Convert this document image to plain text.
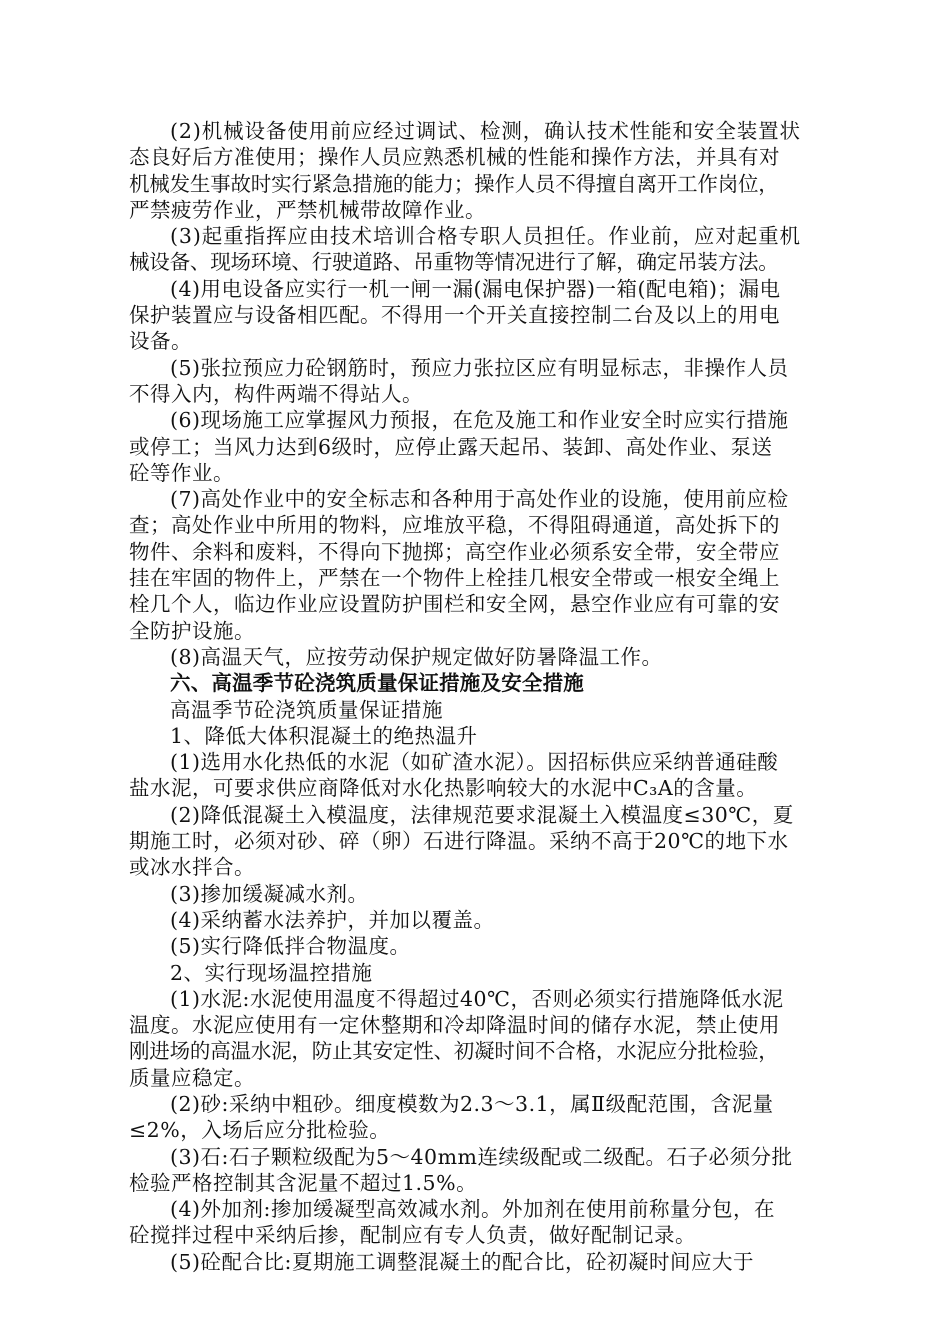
(2)机械设备使用前应经过调试、检测，确认技术性能和安全装置状
态良好后方准使用；操作人员应熟悉机械的性能和操作方法，并具有对
机械发生事故时实行紧急措施的能力；操作人员不得擅自离开工作岗位，
严禁疲劳作业，严禁机械带故障作业。
(3)起重指挥应由技术培训合格专职人员担任。作业前，应对起重机
械设备、现场环境、行驶道路、吊重物等情况进行了解，确定吊装方法。
(4)用电设备应实行一机一闸一漏(漏电保护器)一箱(配电箱)；漏电
保护装置应与设备相匹配。不得用一个开关直接控制二台及以上的用电
设备。
(5)张拉预应力砼钢筋时，预应力张拉区应有明显标志，非操作人员
不得入内，构件两端不得站人。
(6)现场施工应掌握风力预报，在危及施工和作业安全时应实行措施
或停工；当风力达到6级时，应停止露天起吊、装卸、高处作业、泵送
砼等作业。
(7)高处作业中的安全标志和各种用于高处作业的设施，使用前应检
查；高处作业中所用的物料，应堆放平稳，不得阻碍通道，高处拆下的
物件、余料和废料，不得向下抛掷；高空作业必须系安全带，安全带应
挂在牢固的物件上，严禁在一个物件上栓挂几根安全带或一根安全绳上
栓几个人，临边作业应设置防护围栏和安全网，悬空作业应有可靠的安
全防护设施。
(8)高温天气，应按劳动保护规定做好防暑降温工作。
六、高温季节砼浇筑质量保证措施及安全措施
高温季节砼浇筑质量保证措施
1、降低大体积混凝土的绝热温升
(1)选用水化热低的水泥（如矿渣水泥）。因招标供应采纳普通硅酸
盐水泥，可要求供应商降低对水化热影响较大的水泥中C₃A的含量。
(2)降低混凝土入模温度，法律规范要求混凝土入模温度≤30℃，夏
期施工时，必须对砂、碎（卵）石进行降温。采纳不高于20℃的地下水
或冰水拌合。
(3)掺加缓凝减水剂。
(4)采纳蓄水法养护，并加以覆盖。
(5)实行降低拌合物温度。
2、实行现场温控措施
(1)水泥:水泥使用温度不得超过40℃，否则必须实行措施降低水泥
温度。水泥应使用有一定休整期和冷却降温时间的储存水泥，禁止使用
刚进场的高温水泥，防止其安定性、初凝时间不合格，水泥应分批检验，
质量应稳定。
(2)砂:采纳中粗砂。细度模数为2.3～3.1，属Ⅱ级配范围，含泥量
≤2%，入场后应分批检验。
(3)石:石子颗粒级配为5～40mm连续级配或二级配。石子必须分批
检验严格控制其含泥量不超过1.5%。
(4)外加剂:掺加缓凝型高效减水剂。外加剂在使用前称量分包，在
砼搅拌过程中采纳后掺，配制应有专人负责，做好配制记录。
(5)砼配合比:夏期施工调整混凝土的配合比，砼初凝时间应大于
